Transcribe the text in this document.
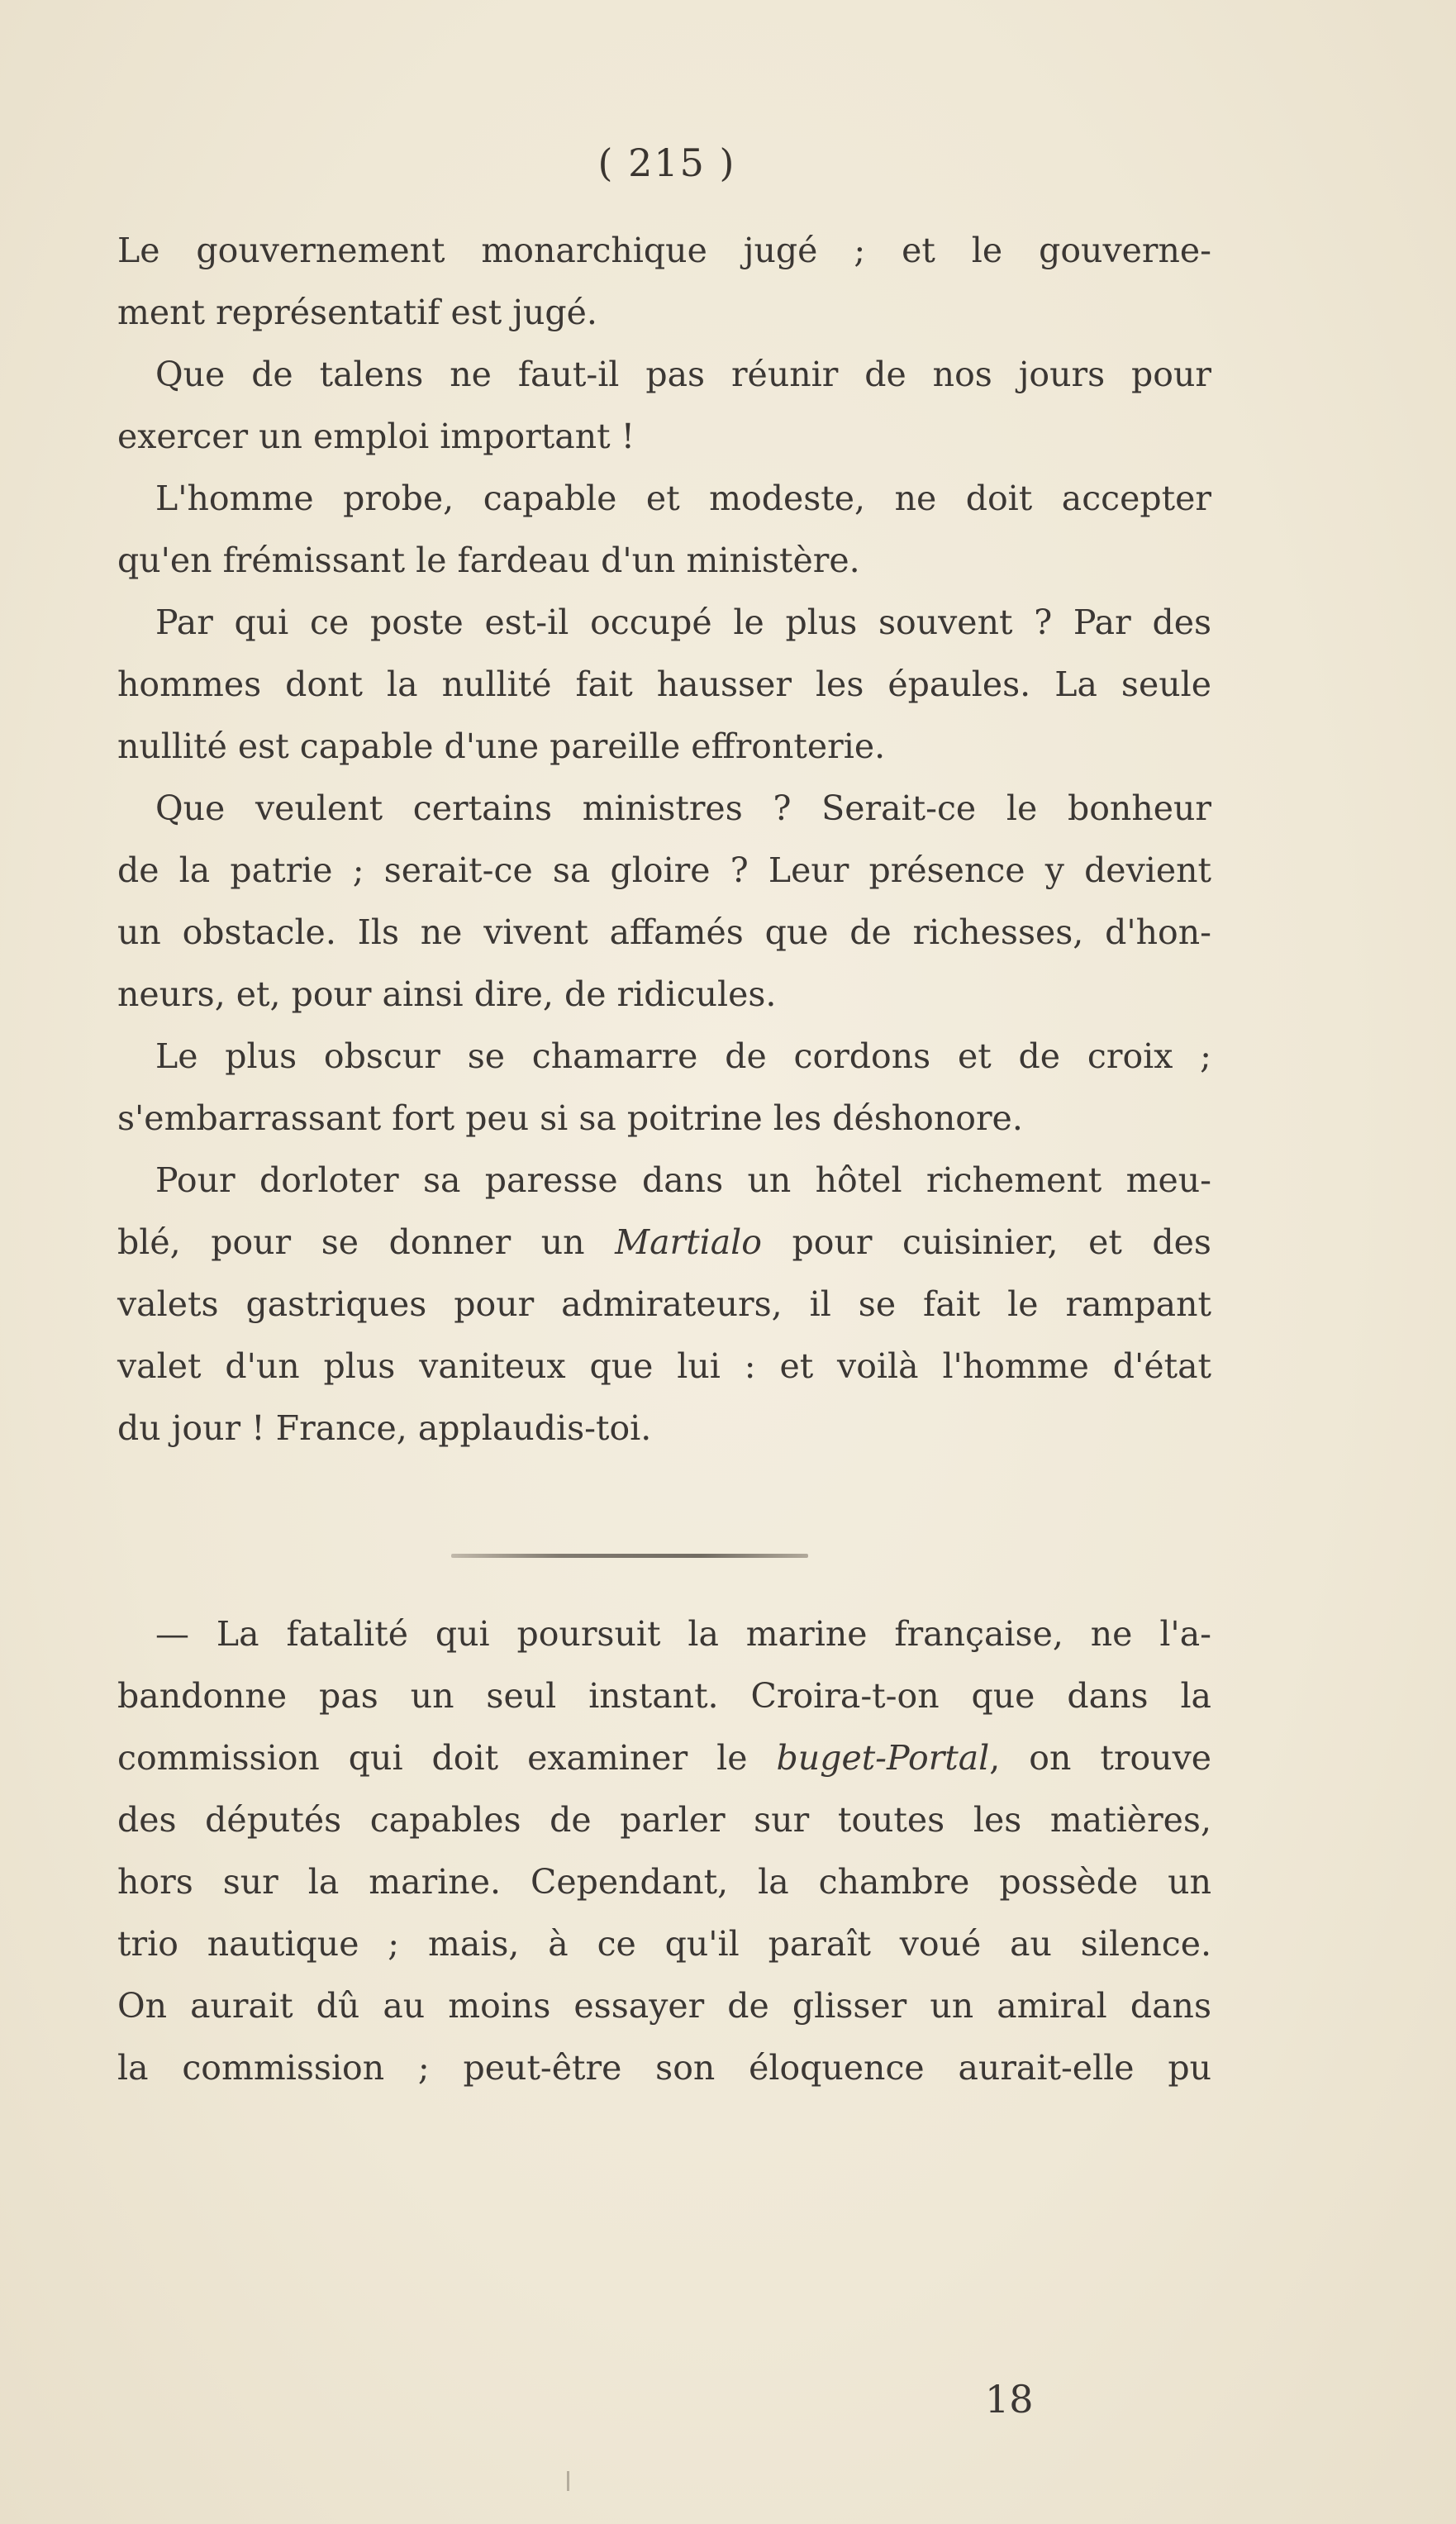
( 215 )
Le gouvernement monarchique jugé ; et le gouverne-
ment représentatif est jugé.
Que de talens ne faut-il pas réunir de nos jours pour
exercer un emploi important !
L'homme probe, capable et modeste, ne doit accepter
qu'en frémissant le fardeau d'un ministère.
Par qui ce poste est-il occupé le plus souvent ? Par des
hommes dont la nullité fait hausser les épaules. La seule
nullité est capable d'une pareille effronterie.
Que veulent certains ministres ? Serait-ce le bonheur
de la patrie ; serait-ce sa gloire ? Leur présence y devient
un obstacle. Ils ne vivent affamés que de richesses, d'hon-
neurs, et, pour ainsi dire, de ridicules.
Le plus obscur se chamarre de cordons et de croix ;
s'embarrassant fort peu si sa poitrine les déshonore.
Pour dorloter sa paresse dans un hôtel richement meu-
blé, pour se donner un Martialo pour cuisinier, et des
valets gastriques pour admirateurs, il se fait le rampant
valet d'un plus vaniteux que lui : et voilà l'homme d'état
du jour ! France, applaudis-toi.
— La fatalité qui poursuit la marine française, ne l'a-
bandonne pas un seul instant. Croira-t-on que dans la
commission qui doit examiner le buget-Portal, on trouve
des députés capables de parler sur toutes les matières,
hors sur la marine. Cependant, la chambre possède un
trio nautique ; mais, à ce qu'il paraît voué au silence.
On aurait dû au moins essayer de glisser un amiral dans
la commission ; peut-être son éloquence aurait-elle pu
18
